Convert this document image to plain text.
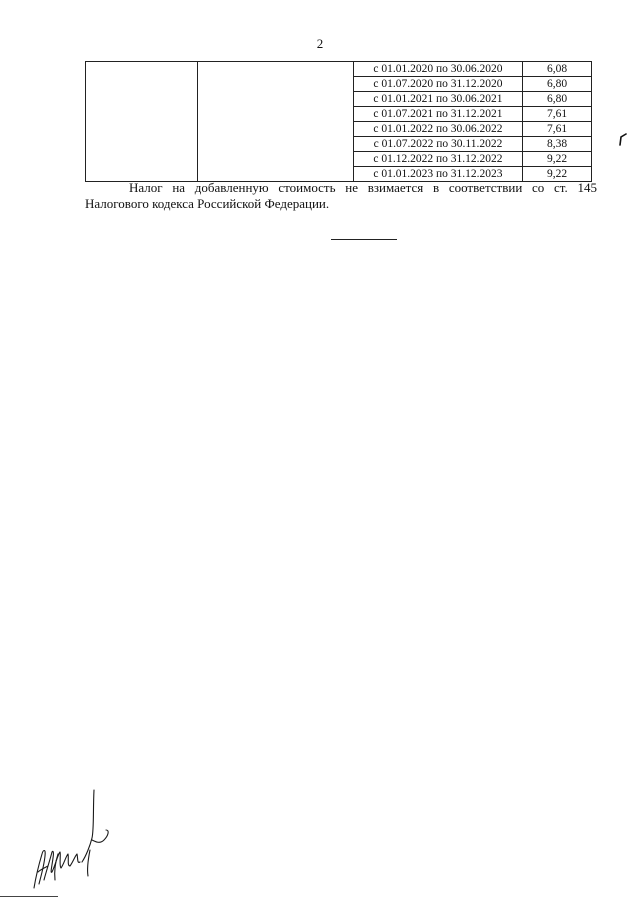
2
		с 01.01.2020 по 30.06.2020	6,08
		с 01.07.2020 по 31.12.2020	6,80
		с 01.01.2021 по 30.06.2021	6,80
		с 01.07.2021 по 31.12.2021	7,61
		с 01.01.2022 по 30.06.2022	7,61
		с 01.07.2022 по 30.11.2022	8,38
		с 01.12.2022 по 31.12.2022	9,22
		с 01.01.2023 по 31.12.2023	9,22

Налог на добавленную стоимость не взимается в соответствии со ст. 145
Налогового кодекса Российской Федерации.
